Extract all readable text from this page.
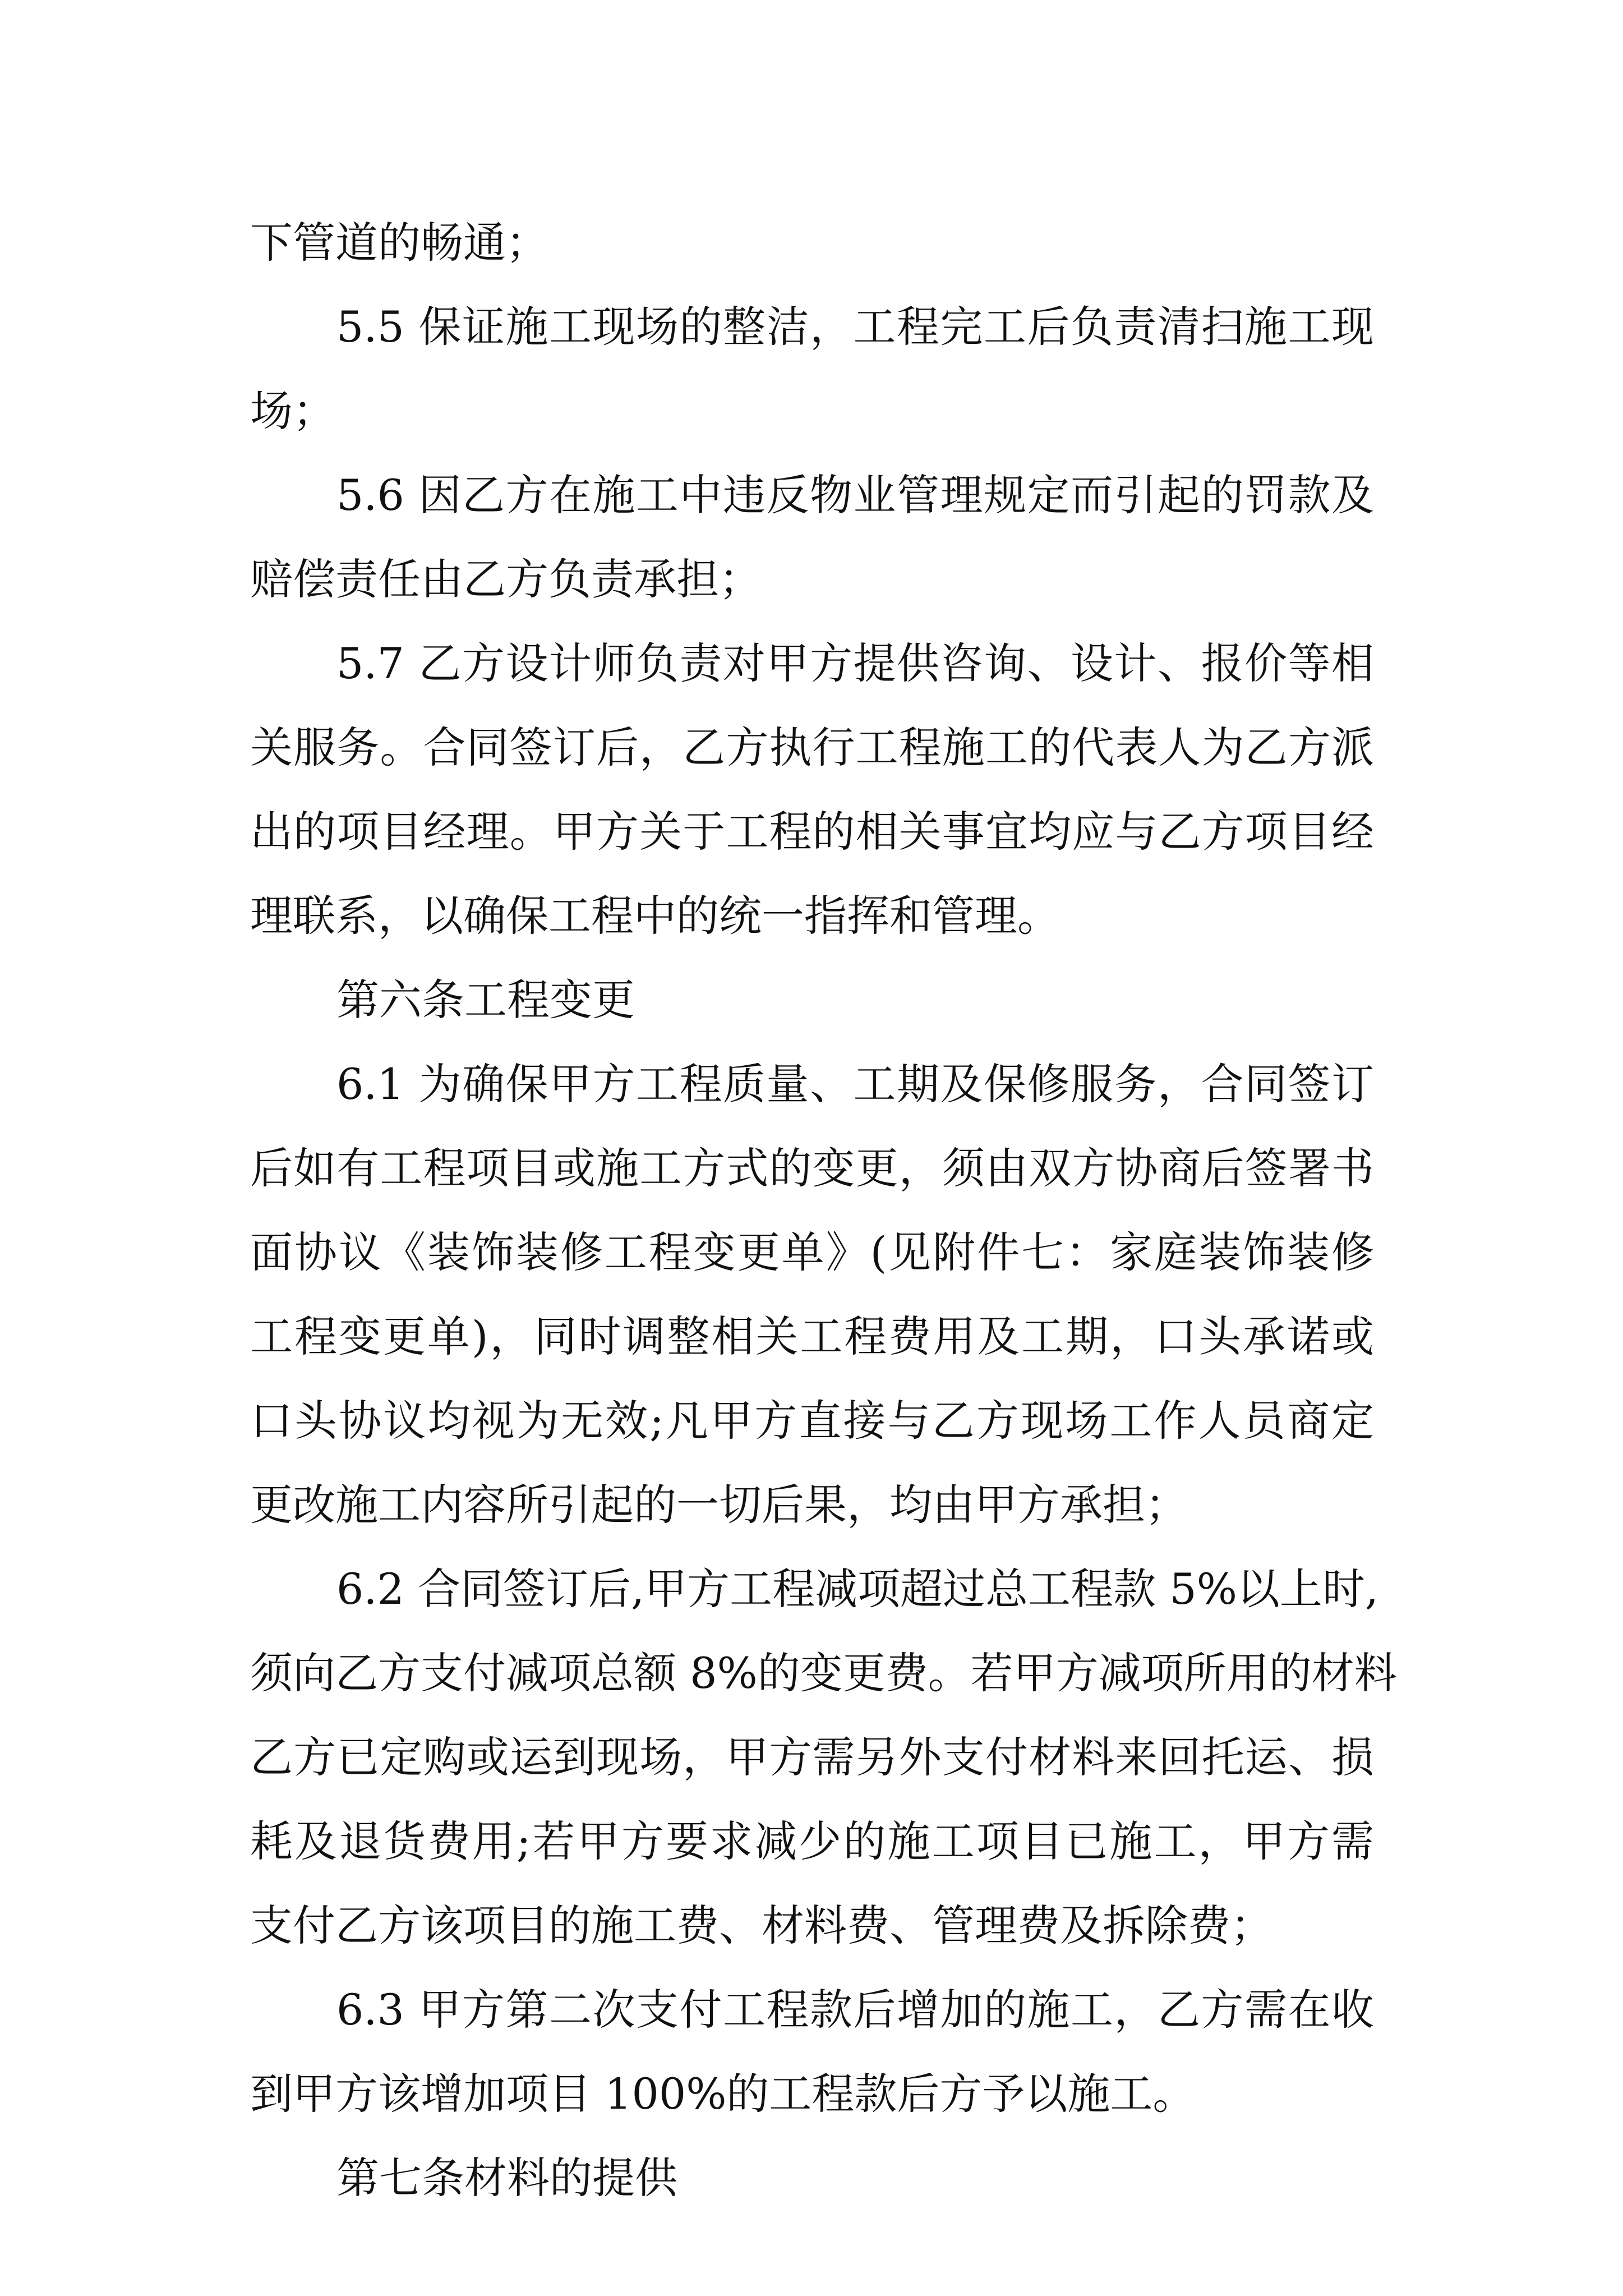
下管道的畅通；
5.5 保证施工现场的整洁，工程完工后负责清扫施工现
场；
5.6 因乙方在施工中违反物业管理规定而引起的罚款及
赔偿责任由乙方负责承担；
5.7 乙方设计师负责对甲方提供咨询、设计、报价等相
关服务。合同签订后，乙方执行工程施工的代表人为乙方派
出的项目经理。甲方关于工程的相关事宜均应与乙方项目经
理联系，以确保工程中的统一指挥和管理。
第六条工程变更
6.1 为确保甲方工程质量、工期及保修服务，合同签订
后如有工程项目或施工方式的变更，须由双方协商后签署书
面协议《装饰装修工程变更单》(见附件七：家庭装饰装修
工程变更单)，同时调整相关工程费用及工期，口头承诺或
口头协议均视为无效;凡甲方直接与乙方现场工作人员商定
更改施工内容所引起的一切后果，均由甲方承担；
6.2 合同签订后,甲方工程减项超过总工程款 5%以上时,
须向乙方支付减项总额 8%的变更费。若甲方减项所用的材料
乙方已定购或运到现场，甲方需另外支付材料来回托运、损
耗及退货费用;若甲方要求减少的施工项目已施工，甲方需
支付乙方该项目的施工费、材料费、管理费及拆除费；
6.3 甲方第二次支付工程款后增加的施工，乙方需在收
到甲方该增加项目 100%的工程款后方予以施工。
第七条材料的提供
